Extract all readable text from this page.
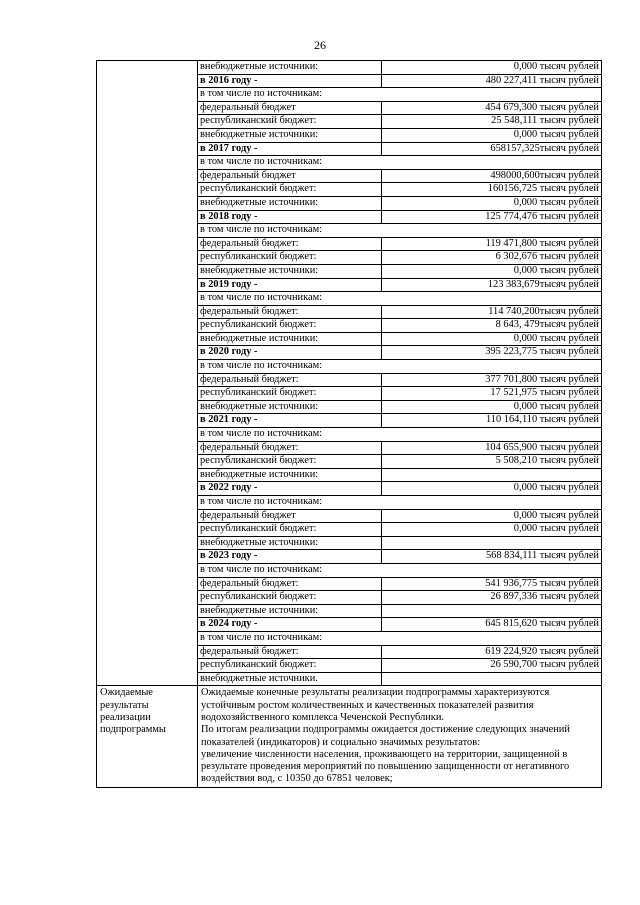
26
	внебюджетные источники:	0,000 тысяч рублей
	в 2016 году -	480 227,411 тысяч рублей
	в том числе по источникам:	
	федеральный бюджет	454 679,300 тысяч рублей
	республиканский бюджет:	25 548,111 тысяч рублей
	внебюджетные источники:	0,000 тысяч рублей
	в 2017 году -	658157,325тысяч рублей
	в том числе по источникам:	
	федеральный бюджет	498000,600тысяч рублей
	республиканский бюджет:	160156,725 тысяч рублей
	внебюджетные источники:	0,000 тысяч рублей
	в 2018 году -	125 774,476 тысяч рублей
	в том числе по источникам:	
	федеральный бюджет:	119 471,800 тысяч рублей
	республиканский бюджет:	6 302,676 тысяч рублей
	внебюджетные источники:	0,000 тысяч рублей
	в 2019 году -	123 383,679тысяч рублей
	в том числе по источникам:	
	федеральный бюджет:	114 740,200тысяч рублей
	республиканский бюджет:	8 643, 479тысяч рублей
	внебюджетные источники:	0,000 тысяч рублей
	в 2020 году -	395 223,775 тысяч рублей
	в том числе по источникам:	
	федеральный бюджет:	377 701,800 тысяч рублей
	республиканский бюджет:	17 521,975 тысяч рублей
	внебюджетные источники:	0,000 тысяч рублей
	в 2021 году -	110 164,110 тысяч рублей
	в том числе по источникам:	
	федеральный бюджет:	104 655,900 тысяч рублей
	республиканский бюджет:	5 508,210 тысяч рублей
	внебюджетные источники:	
	в 2022 году -	0,000 тысяч рублей
	в том числе по источникам:	
	федеральный бюджет	0,000 тысяч рублей
	республиканский бюджет:	0,000 тысяч рублей
	внебюджетные источники:	
	в 2023 году -	568 834,111 тысяч рублей
	в том числе по источникам:	
	федеральный бюджет:	541 936,775 тысяч рублей
	республиканский бюджет:	26 897,336 тысяч рублей
	внебюджетные источники:	
	в 2024 году -	645 815,620 тысяч рублей
	в том числе по источникам:	
	федеральный бюджет:	619 224,920 тысяч рублей
	республиканский бюджет:	26 590,700 тысяч рублей
	внебюджетные источники.	
Ожидаемые результаты реализации подпрограммы	Ожидаемые конечные результаты реализации подпрограммы характеризуются устойчивым ростом количественных и качественных показателей развития водохозяйственного комплекса Чеченской Республики.
По итогам реализации подпрограммы ожидается достижение следующих значений показателей (индикаторов) и социально значимых результатов:
увеличение численности населения, проживающего на территории, защищенной в результате проведения мероприятий по повышению защищенности от негативного воздействия вод, с 10350 до 67851 человек;	
